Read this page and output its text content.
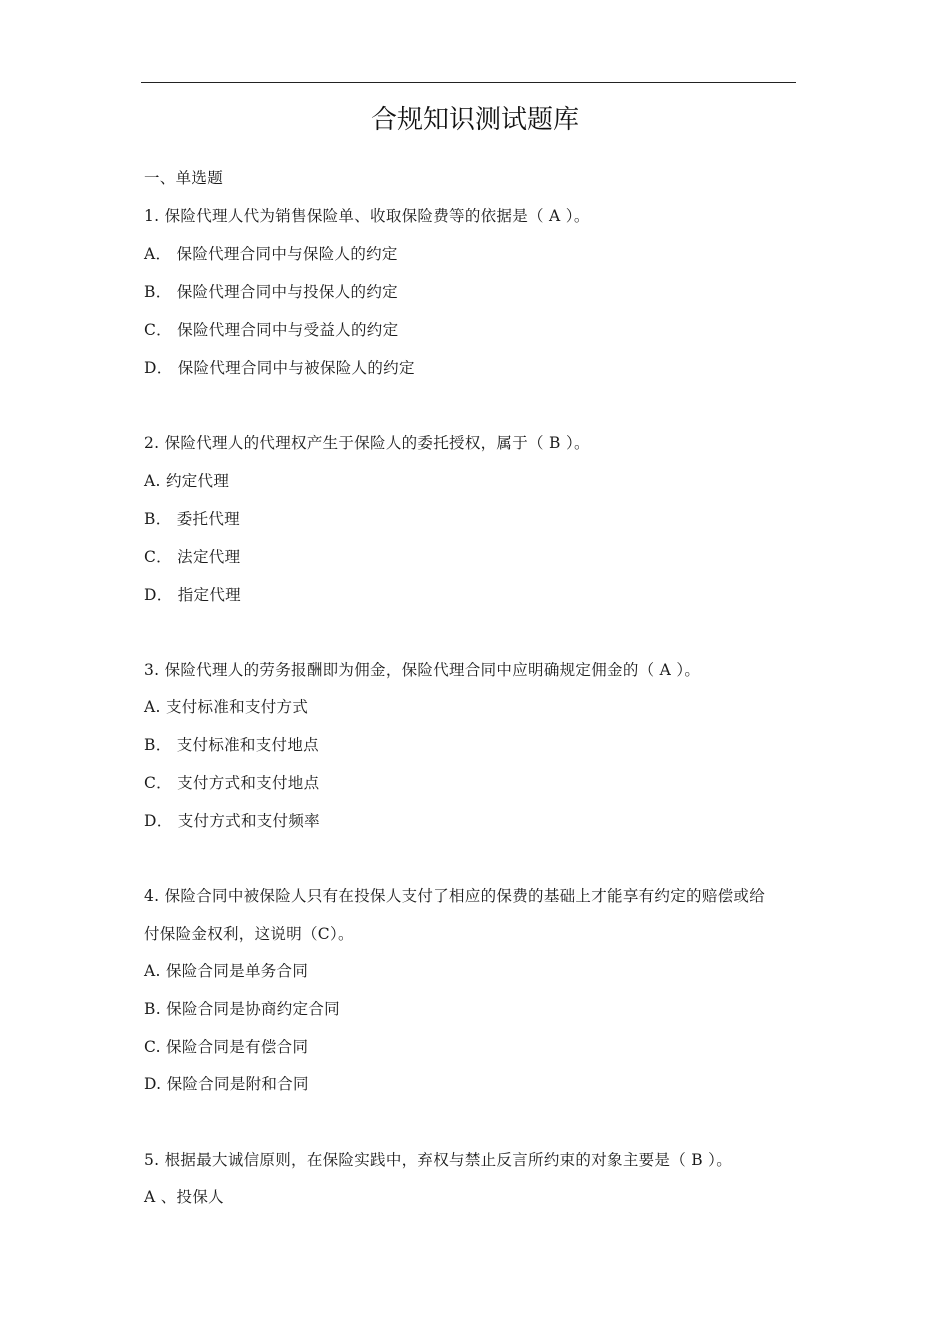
合规知识测试题库
一、单选题
1. 保险代理人代为销售保险单、收取保险费等的依据是（ A ）。
A． 保险代理合同中与保险人的约定
B． 保险代理合同中与投保人的约定
C． 保险代理合同中与受益人的约定
D． 保险代理合同中与被保险人的约定
2. 保险代理人的代理权产生于保险人的委托授权，属于（ B ）。
A. 约定代理
B． 委托代理
C． 法定代理
D． 指定代理
3. 保险代理人的劳务报酬即为佣金，保险代理合同中应明确规定佣金的（ A ）。
A. 支付标准和支付方式
B． 支付标准和支付地点
C． 支付方式和支付地点
D． 支付方式和支付频率
4. 保险合同中被保险人只有在投保人支付了相应的保费的基础上才能享有约定的赔偿或给
付保险金权利，这说明（C）。
A. 保险合同是单务合同
B. 保险合同是协商约定合同
C. 保险合同是有偿合同
D. 保险合同是附和合同
5. 根据最大诚信原则，在保险实践中，弃权与禁止反言所约束的对象主要是（ B ）。
A 、投保人
